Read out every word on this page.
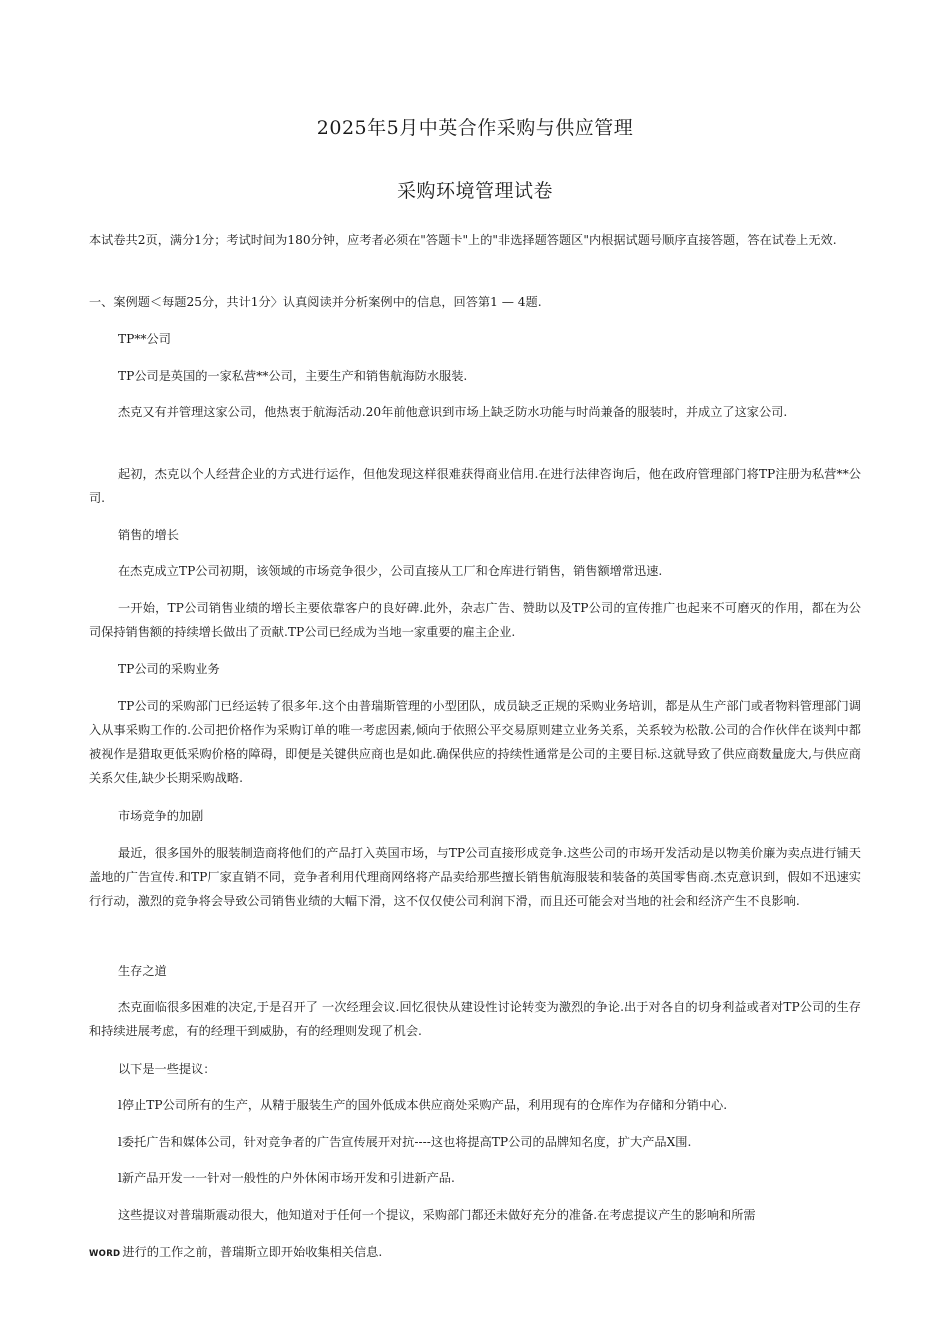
2025年5月中英合作采购与供应管理
采购环境管理试卷
本试卷共2页，满分1分；考试时间为180分钟，应考者必须在"答题卡"上的"非选择题答题区"内根据试题号顺序直接答题，答在试卷上无效.
一、案例题＜每题25分，共计1分〉认真阅读并分析案例中的信息，回答第1 — 4题.
TP**公司
TP公司是英国的一家私营**公司，主要生产和销售航海防水服装.
杰克又有并管理这家公司，他热衷于航海活动.20年前他意识到市场上缺乏防水功能与时尚兼备的服装时，并成立了这家公司.
起初，杰克以个人经营企业的方式进行运作，但他发现这样很难获得商业信用.在进行法律咨询后，他在政府管理部门将TP注册为私营**公司.
销售的增长
在杰克成立TP公司初期，该领域的市场竞争很少，公司直接从工厂和仓库进行销售，销售额增常迅速.
一开始，TP公司销售业绩的增长主要依靠客户的良好碑.此外，杂志广告、赞助以及TP公司的宣传推广也起来不可磨灭的作用，都在为公司保持销售额的持续增长做出了贡献.TP公司已经成为当地一家重要的雇主企业.
TP公司的采购业务
TP公司的采购部门已经运转了很多年.这个由普瑞斯管理的小型团队，成员缺乏正规的采购业务培训，都是从生产部门或者物料管理部门调入从事采购工作的.公司把价格作为采购订单的唯一考虑因素,倾向于依照公平交易原则建立业务关系，关系较为松散.公司的合作伙伴在谈判中都被视作是猎取更低采购价格的障碍，即便是关键供应商也是如此.确保供应的持续性通常是公司的主要目标.这就导致了供应商数量庞大,与供应商关系欠佳,缺少长期采购战略.
市场竞争的加剧
最近，很多国外的服装制造商将他们的产品打入英国市场，与TP公司直接形成竞争.这些公司的市场开发活动是以物美价廉为卖点进行铺天盖地的广告宣传.和TP厂家直销不同，竞争者利用代理商网络将产品卖给那些擅长销售航海服装和装备的英国零售商.杰克意识到，假如不迅速实行行动，激烈的竞争将会导致公司销售业绩的大幅下滑，这不仅仅使公司利润下滑，而且还可能会对当地的社会和经济产生不良影响.
生存之道
杰克面临很多困难的决定,于是召开了 一次经理会议.回忆很快从建设性讨论转变为激烈的争论.出于对各自的切身利益或者对TP公司的生存和持续进展考虑，有的经理干到威胁，有的经理则发现了机会.
以下是一些提议：
l停止TP公司所有的生产，从精于服装生产的国外低成本供应商处采购产品，利用现有的仓库作为存储和分销中心.
l委托广告和媒体公司，针对竞争者的广告宣传展开对抗----这也将提高TP公司的品牌知名度，扩大产品X围.
l新产品开发一一针对一般性的户外休闲市场开发和引进新产品.
这些提议对普瑞斯震动很大，他知道对于任何一个提议，采购部门都还未做好充分的准备.在考虑提议产生的影响和所需
WORD 进行的工作之前，普瑞斯立即开始收集相关信息.
